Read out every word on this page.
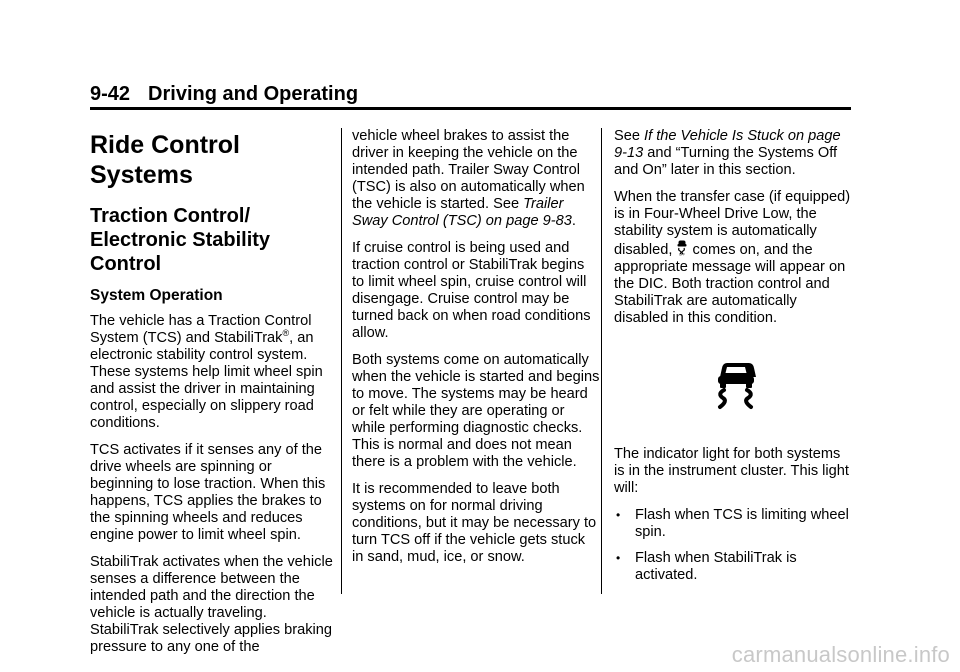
9-42 Driving and Operating
Ride Control Systems
Traction Control/ Electronic Stability Control
System Operation

The vehicle has a Traction Control System (TCS) and StabiliTrak®, an electronic stability control system. These systems help limit wheel spin and assist the driver in maintaining control, especially on slippery road conditions.

TCS activates if it senses any of the drive wheels are spinning or beginning to lose traction. When this happens, TCS applies the brakes to the spinning wheels and reduces engine power to limit wheel spin.

StabiliTrak activates when the vehicle senses a difference between the intended path and the direction the vehicle is actually traveling. StabiliTrak selectively applies braking pressure to any one of the

vehicle wheel brakes to assist the driver in keeping the vehicle on the intended path. Trailer Sway Control (TSC) is also on automatically when the vehicle is started. See Trailer Sway Control (TSC) on page 9-83.

If cruise control is being used and traction control or StabiliTrak begins to limit wheel spin, cruise control will disengage. Cruise control may be turned back on when road conditions allow.

Both systems come on automatically when the vehicle is started and begins to move. The systems may be heard or felt while they are operating or while performing diagnostic checks. This is normal and does not mean there is a problem with the vehicle.

It is recommended to leave both systems on for normal driving conditions, but it may be necessary to turn TCS off if the vehicle gets stuck in sand, mud, ice, or snow.

See If the Vehicle Is Stuck on page 9-13 and “Turning the Systems Off and On” later in this section.

When the transfer case (if equipped) is in Four-Wheel Drive Low, the stability system is automatically disabled, OFF comes on, and the appropriate message will appear on the DIC. Both traction control and StabiliTrak are automatically disabled in this condition.

The indicator light for both systems is in the instrument cluster. This light will:

• Flash when TCS is limiting wheel spin.
• Flash when StabiliTrak is activated.
carmanualsonline.info
